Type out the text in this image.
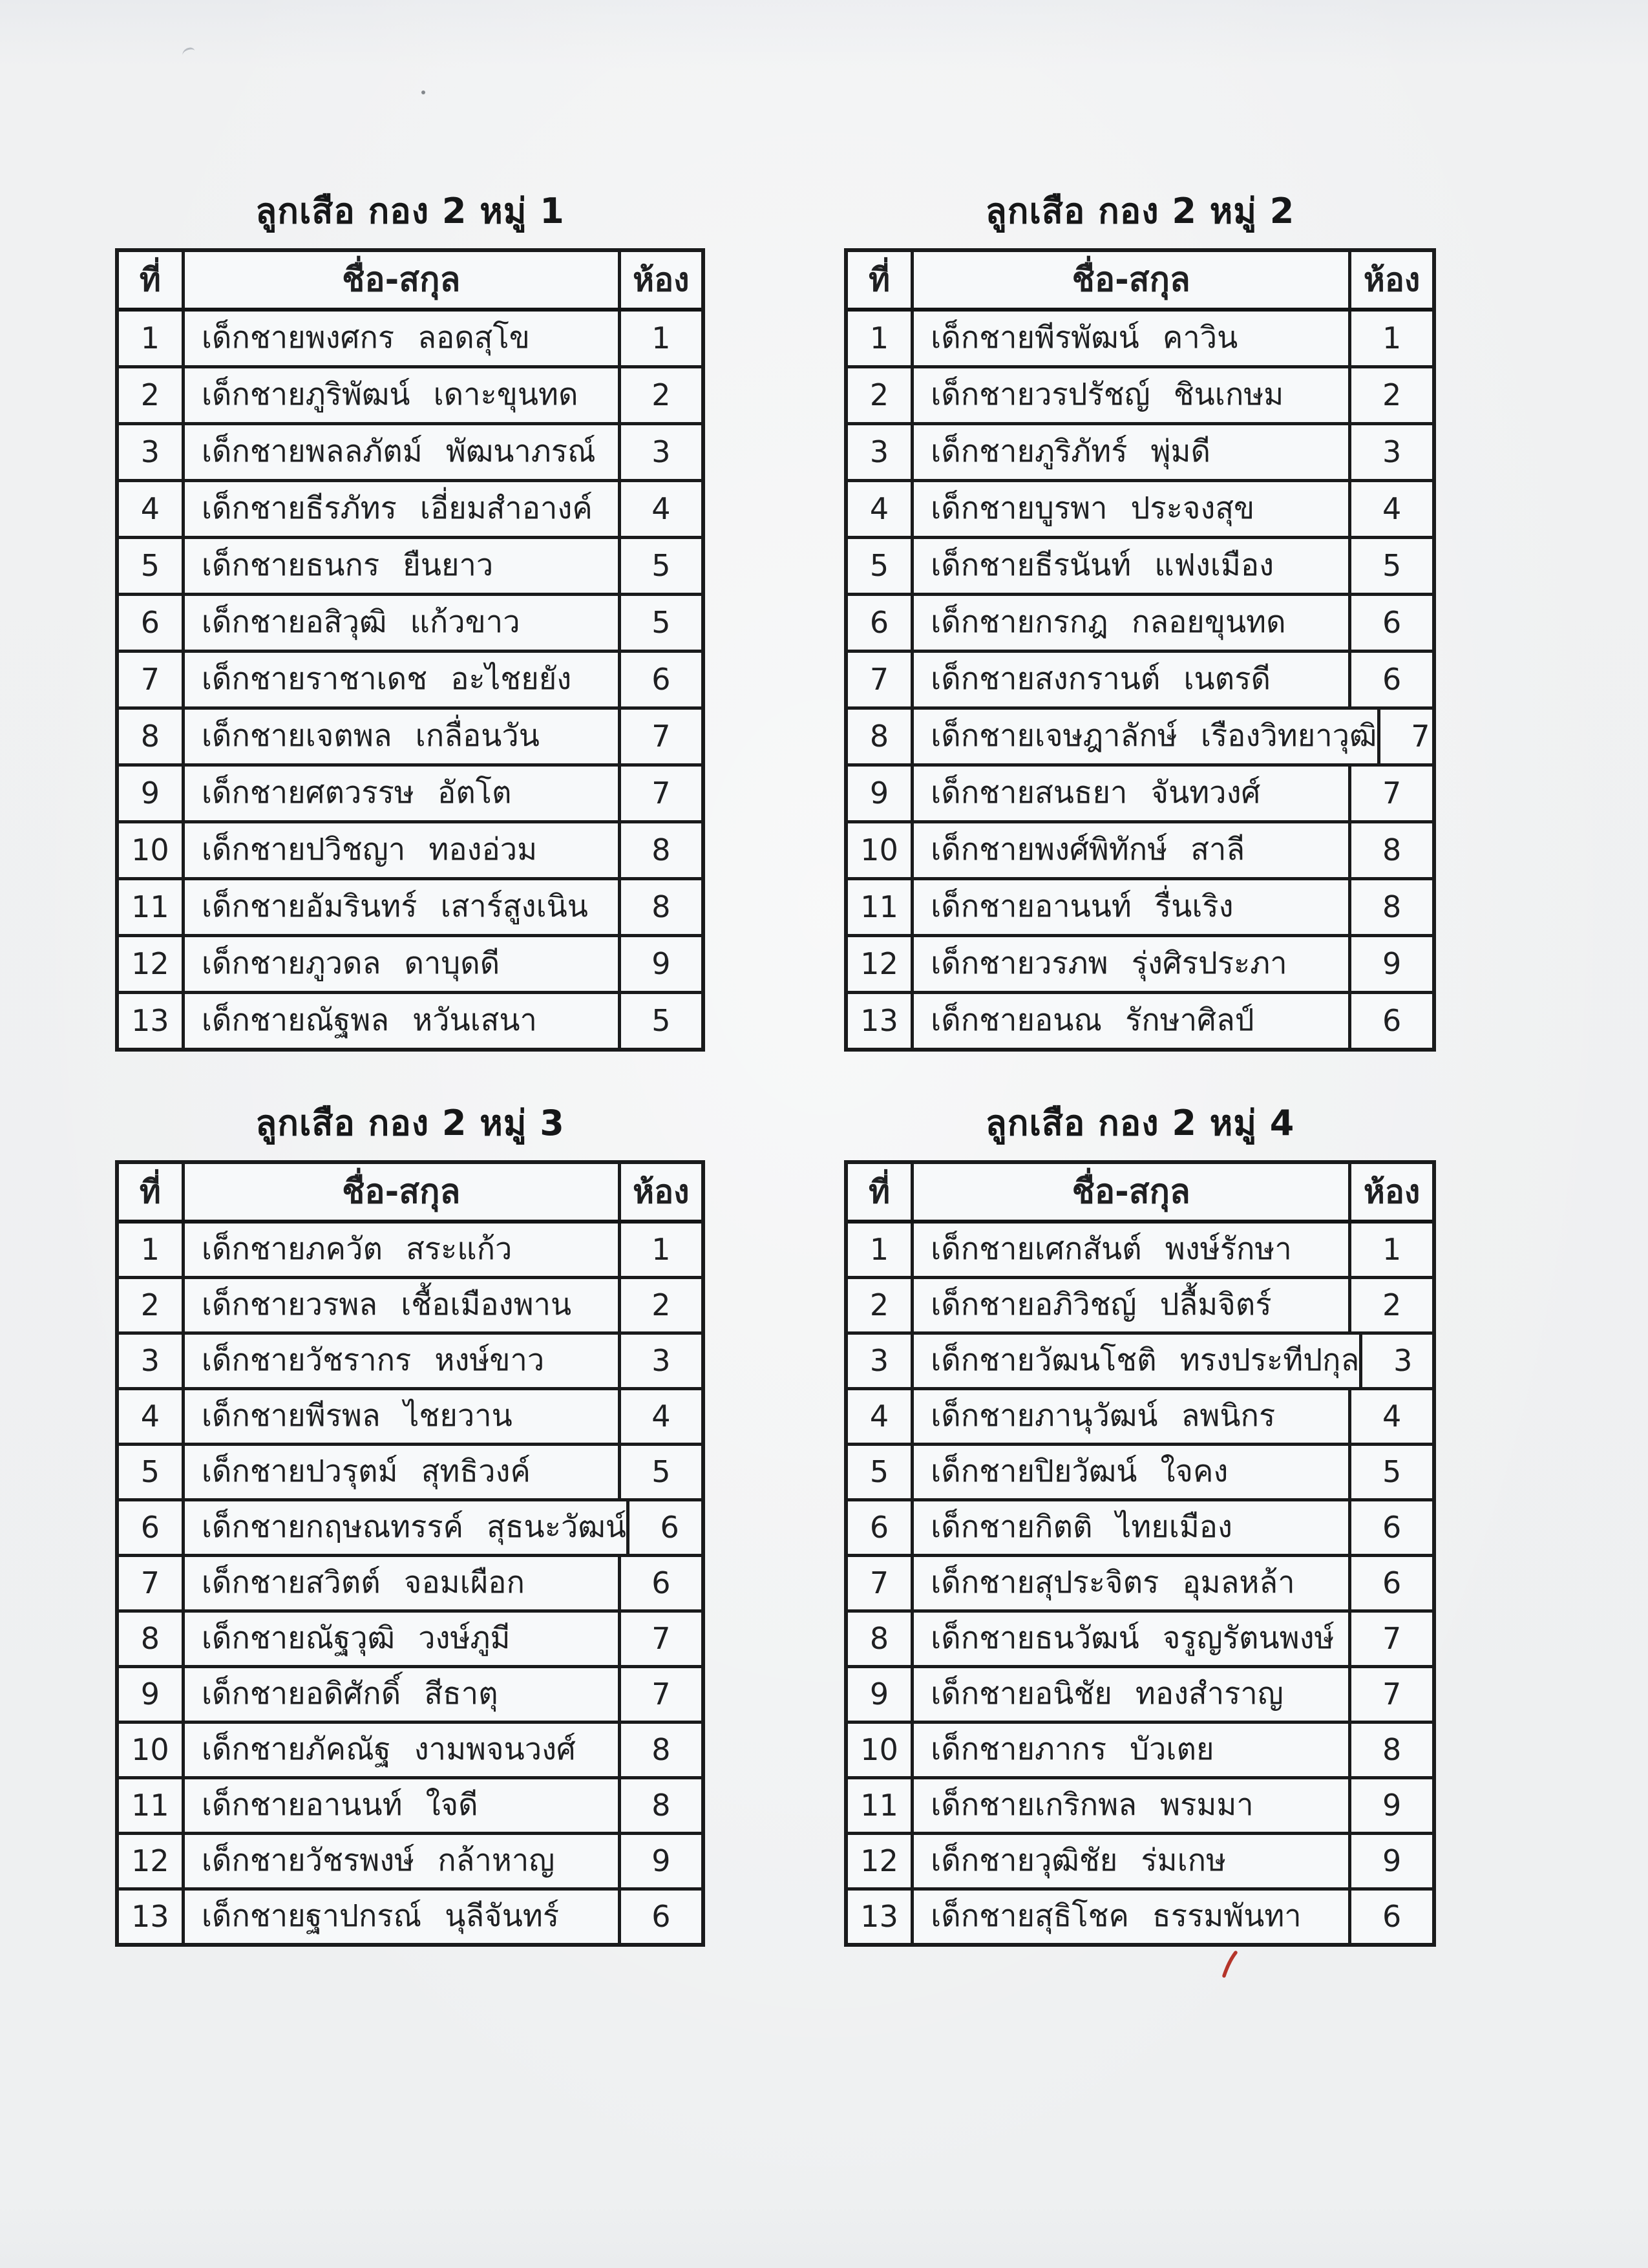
ลูกเสือ กอง 2 หมู่ 1
ที่	ชื่อ-สกุล	ห้อง
1	เด็กชายพงศกร ลอดสุโข	1
2	เด็กชายภูริพัฒน์ เดาะขุนทด	2
3	เด็กชายพลลภัตม์ พัฒนาภรณ์	3
4	เด็กชายธีรภัทร เอี่ยมสำอางค์	4
5	เด็กชายธนกร ยืนยาว	5
6	เด็กชายอสิวุฒิ แก้วขาว	5
7	เด็กชายราชาเดช อะไชยยัง	6
8	เด็กชายเจตพล เกลื่อนวัน	7
9	เด็กชายศตวรรษ อัตโต	7
10	เด็กชายปวิชญา ทองอ่วม	8
11	เด็กชายอัมรินทร์ เสาร์สูงเนิน	8
12	เด็กชายภูวดล ดาบุดดี	9
13	เด็กชายณัฐพล หวันเสนา	5
ลูกเสือ กอง 2 หมู่ 2
ที่	ชื่อ-สกุล	ห้อง
1	เด็กชายพีรพัฒน์ คาวิน	1
2	เด็กชายวรปรัชญ์ ชินเกษม	2
3	เด็กชายภูริภัทร์ พุ่มดี	3
4	เด็กชายบูรพา ประจงสุข	4
5	เด็กชายธีรนันท์ แฟงเมือง	5
6	เด็กชายกรกฎ กลอยขุนทด	6
7	เด็กชายสงกรานต์ เนตรดี	6
8	เด็กชายเจษฎาลักษ์ เรืองวิทยาวุฒิ	7
9	เด็กชายสนธยา จันทวงศ์	7
10	เด็กชายพงศ์พิทักษ์ สาลี	8
11	เด็กชายอานนท์ รื่นเริง	8
12	เด็กชายวรภพ รุ่งศิรประภา	9
13	เด็กชายอนณ รักษาศิลป์	6
ลูกเสือ กอง 2 หมู่ 3
ที่	ชื่อ-สกุล	ห้อง
1	เด็กชายภควัต สระแก้ว	1
2	เด็กชายวรพล เชื้อเมืองพาน	2
3	เด็กชายวัชรากร หงษ์ขาว	3
4	เด็กชายพีรพล ไชยวาน	4
5	เด็กชายปวรุตม์ สุทธิวงค์	5
6	เด็กชายกฤษณทรรค์ สุธนะวัฒน์	6
7	เด็กชายสวิตต์ จอมเผือก	6
8	เด็กชายณัฐวุฒิ วงษ์ภูมี	7
9	เด็กชายอดิศักดิ์ สีธาตุ	7
10	เด็กชายภัคณัฐ งามพจนวงศ์	8
11	เด็กชายอานนท์ ใจดี	8
12	เด็กชายวัชรพงษ์ กล้าหาญ	9
13	เด็กชายฐาปกรณ์ นุลีจันทร์	6
ลูกเสือ กอง 2 หมู่ 4
ที่	ชื่อ-สกุล	ห้อง
1	เด็กชายเศกสันต์ พงษ์รักษา	1
2	เด็กชายอภิวิชญ์ ปลื้มจิตร์	2
3	เด็กชายวัฒนโชติ ทรงประทีปกุล	3
4	เด็กชายภานุวัฒน์ ลพนิกร	4
5	เด็กชายปิยวัฒน์ ใจคง	5
6	เด็กชายกิตติ ไทยเมือง	6
7	เด็กชายสุประจิตร อุมลหล้า	6
8	เด็กชายธนวัฒน์ จรูญรัตนพงษ์	7
9	เด็กชายอนิชัย ทองสำราญ	7
10	เด็กชายภากร บัวเตย	8
11	เด็กชายเกริกพล พรมมา	9
12	เด็กชายวุฒิชัย ร่มเกษ	9
13	เด็กชายสุธิโชค ธรรมพันทา	6
